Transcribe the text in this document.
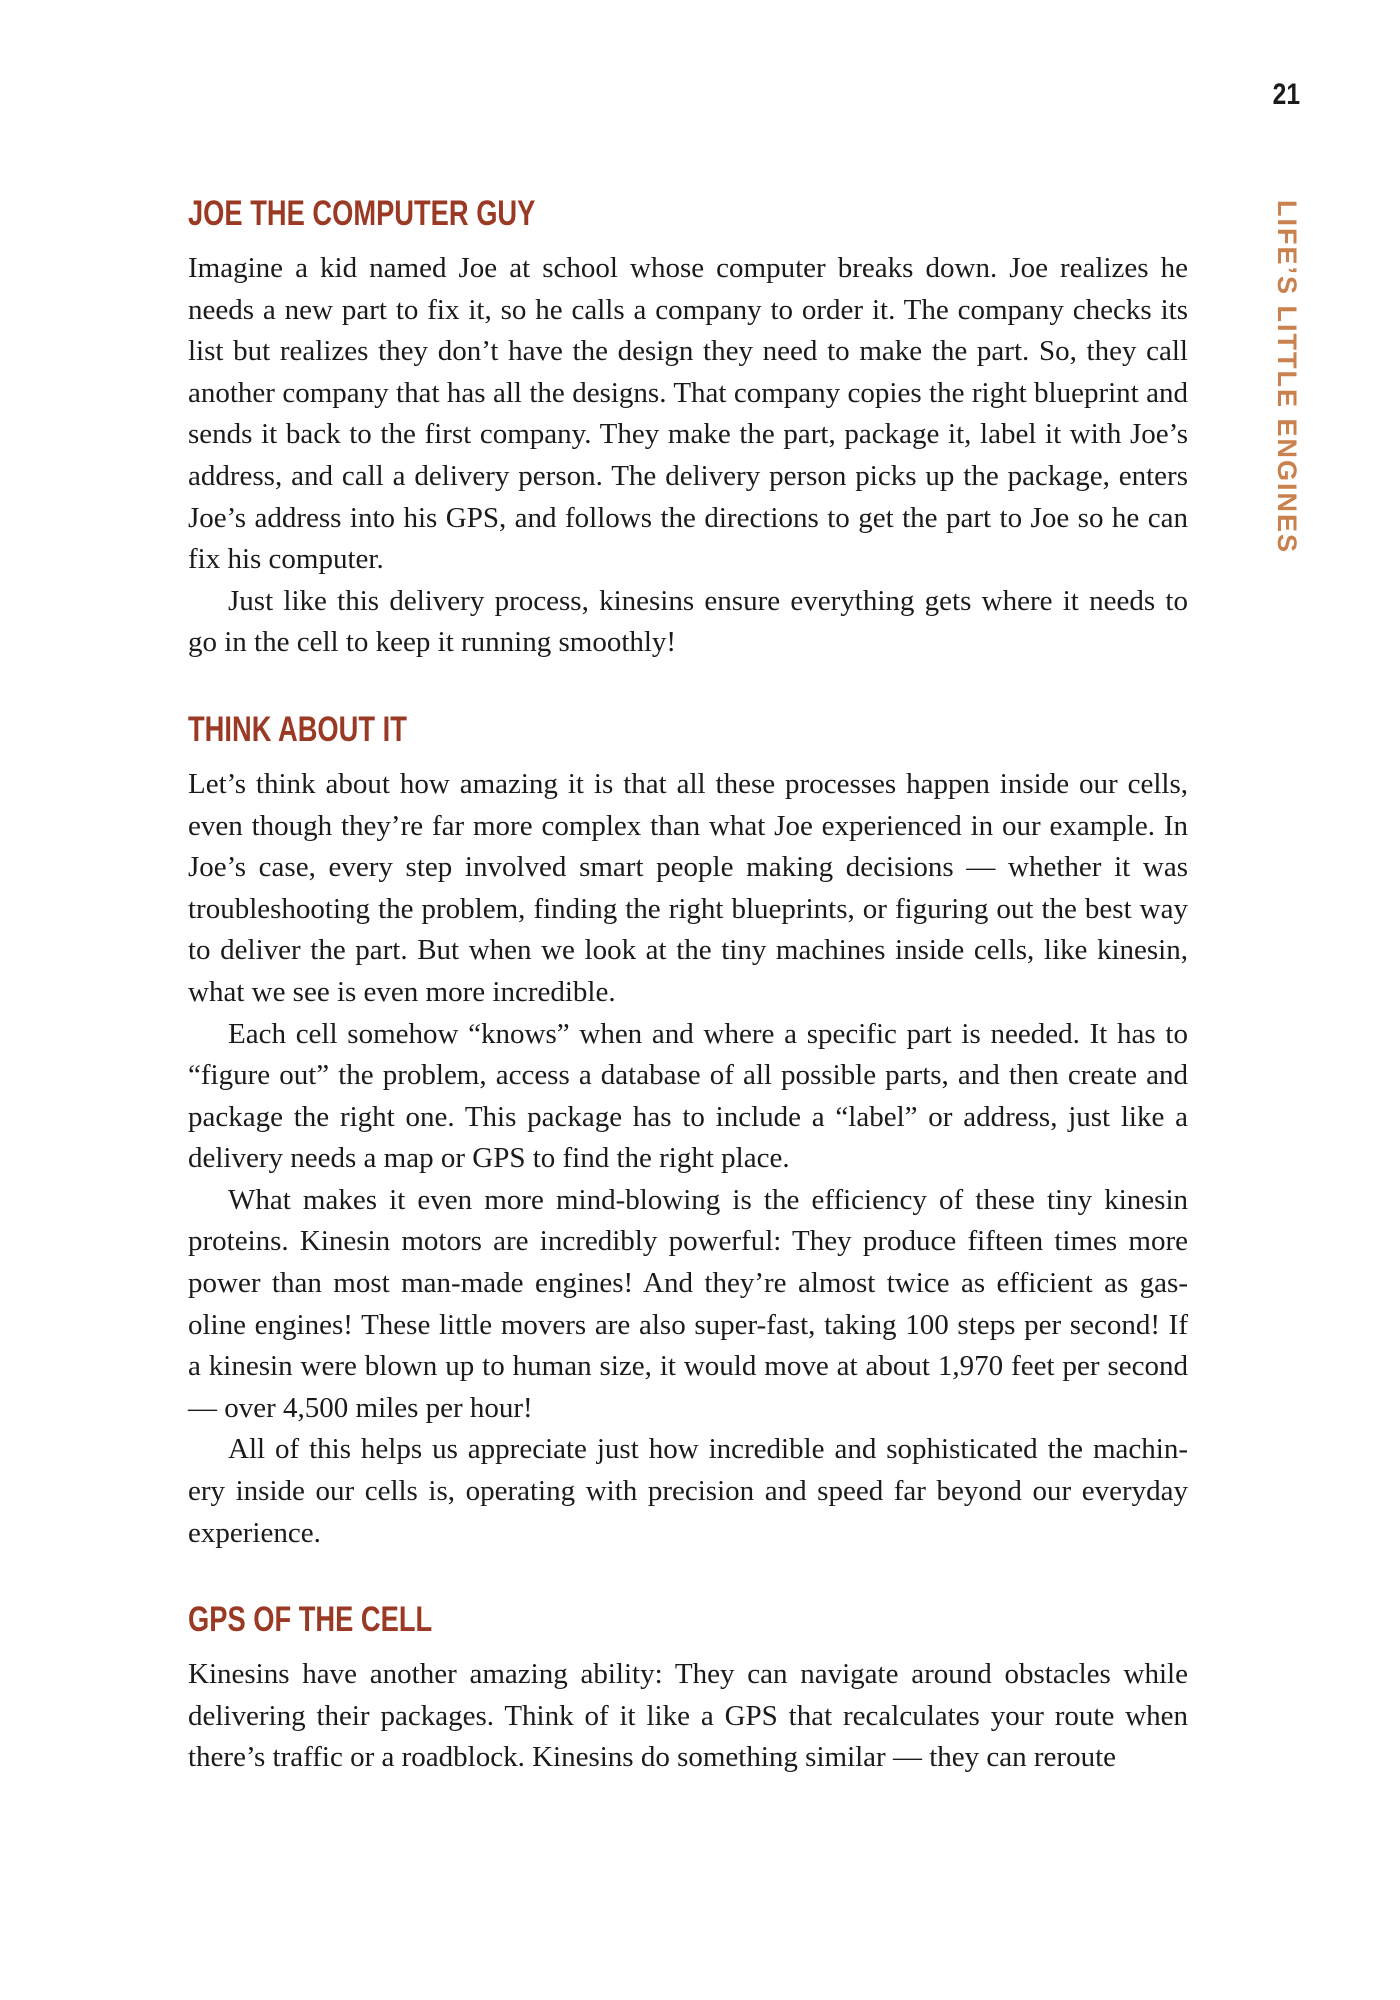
21
LIFE’S LITTLE ENGINES
JOE THE COMPUTER GUY

Imagine a kid named Joe at school whose computer breaks down. Joe realizes he needs a new part to fix it, so he calls a company to order it. The company checks its list but realizes they don’t have the design they need to make the part. So, they call another company that has all the designs. That company copies the right blueprint and sends it back to the first company. They make the part, package it, label it with Joe’s address, and call a delivery person. The delivery person picks up the package, enters Joe’s address into his GPS, and follows the directions to get the part to Joe so he can fix his computer.

Just like this delivery process, kinesins ensure everything gets where it needs to go in the cell to keep it running smoothly!

THINK ABOUT IT

Let’s think about how amazing it is that all these processes happen inside our cells, even though they’re far more complex than what Joe experienced in our example. In Joe’s case, every step involved smart people making decisions — whether it was troubleshooting the problem, finding the right blueprints, or figuring out the best way to deliver the part. But when we look at the tiny machines inside cells, like kinesin, what we see is even more incredible.

Each cell somehow “knows” when and where a specific part is needed. It has to “figure out” the problem, access a database of all possible parts, and then create and package the right one. This package has to include a “label” or address, just like a delivery needs a map or GPS to find the right place.

What makes it even more mind-blowing is the efficiency of these tiny kinesin proteins. Kinesin motors are incredibly powerful: They produce fifteen times more power than most man-made engines! And they’re almost twice as efficient as gas-oline engines! These little movers are also super-fast, taking 100 steps per second! If a kinesin were blown up to human size, it would move at about 1,970 feet per second — over 4,500 miles per hour!

All of this helps us appreciate just how incredible and sophisticated the machin-ery inside our cells is, operating with precision and speed far beyond our everyday experience.

GPS OF THE CELL

Kinesins have another amazing ability: They can navigate around obstacles while delivering their packages. Think of it like a GPS that recalculates your route when there’s traffic or a roadblock. Kinesins do something similar — they can reroute
